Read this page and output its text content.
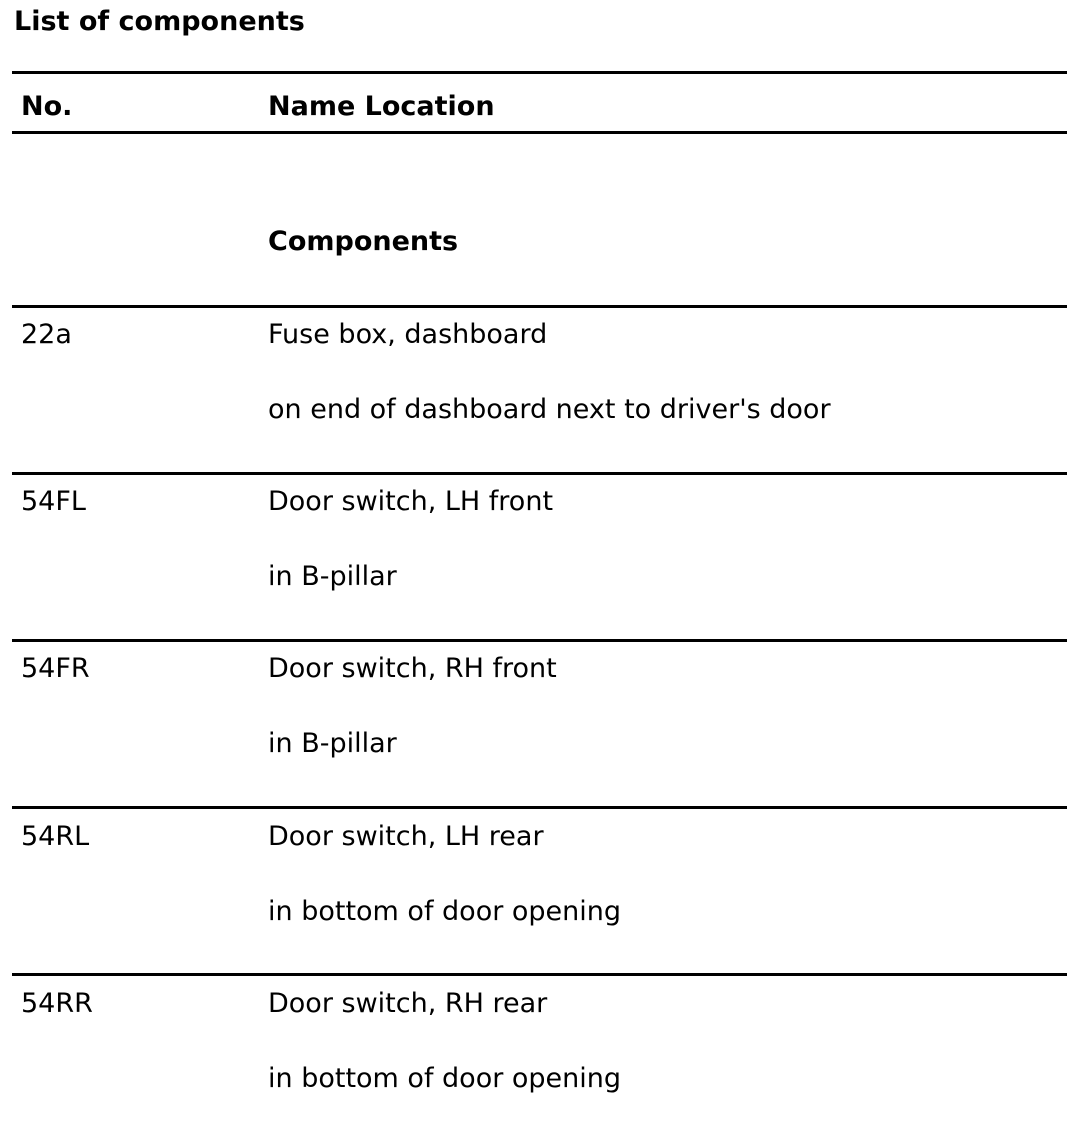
List of components
No.	Name Location
Components
22a	Fuse box, dashboard
on end of dashboard next to driver's door
54FL	Door switch, LH front
in B-pillar
54FR	Door switch, RH front
in B-pillar
54RL	Door switch, LH rear
in bottom of door opening
54RR	Door switch, RH rear
in bottom of door opening
